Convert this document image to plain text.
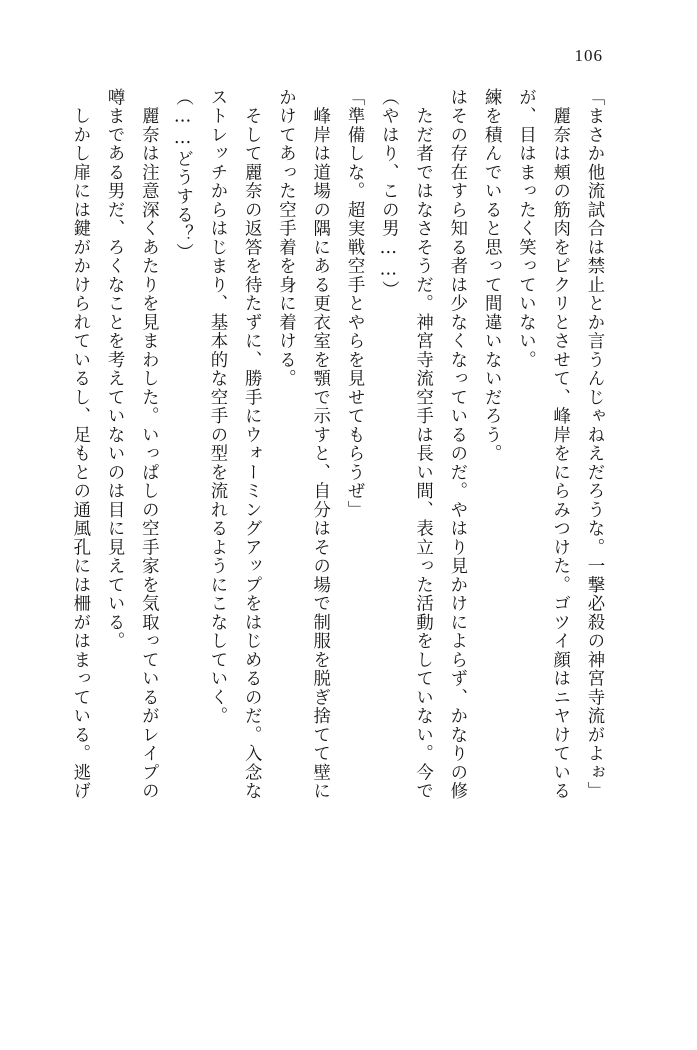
106

「まさか他流試合は禁止とか言うんじゃねえだろうな。一撃必殺の神宮寺流がよぉ」

　麗奈は頬の筋肉をピクリとさせて、峰岸をにらみつけた。ゴツイ顔はニヤけている

が、目はまったく笑っていない。

練を積んでいると思って間違いないだろう。

はその存在すら知る者は少なくなっているのだ。やはり見かけによらず、かなりの修

　ただ者ではなさそうだ。神宮寺流空手は長い間、表立った活動をしていない。今で

（やはり、この男……）

「準備しな。超実戦空手とやらを見せてもらうぜ」

　峰岸は道場の隅にある更衣室を顎で示すと、自分はその場で制服を脱ぎ捨てて壁に

かけてあった空手着を身に着ける。

　そして麗奈の返答を待たずに、勝手にウォーミングアップをはじめるのだ。入念な

ストレッチからはじまり、基本的な空手の型を流れるようにこなしていく。

（……どうする？）

　麗奈は注意深くあたりを見まわした。いっぱしの空手家を気取っているがレイプの

噂まである男だ、ろくなことを考えていないのは目に見えている。

　しかし扉には鍵がかけられているし、足もとの通風孔には柵がはまっている。逃げ
